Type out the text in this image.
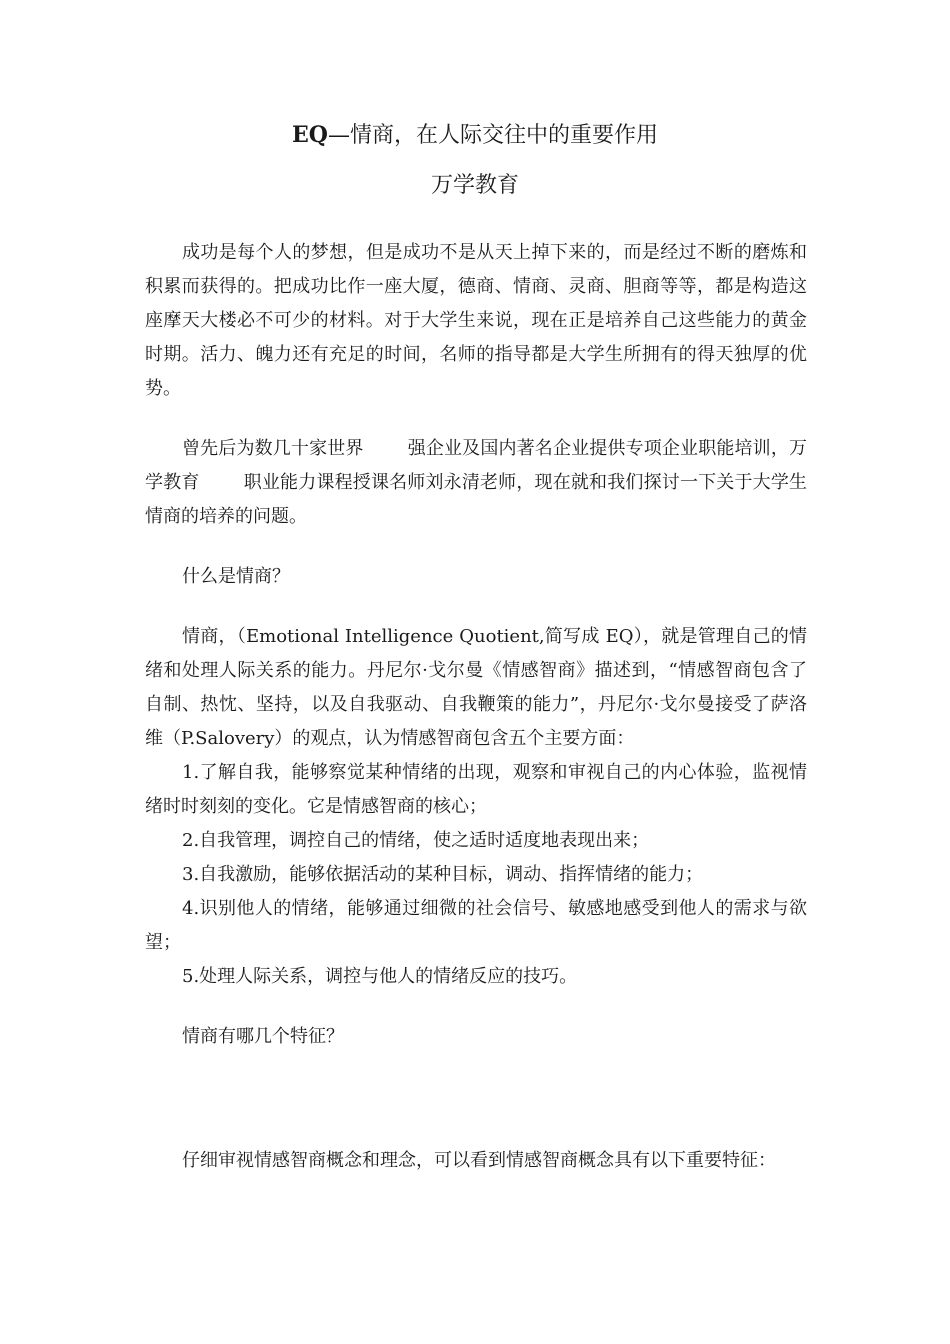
EQ—情商，在人际交往中的重要作用
万学教育

成功是每个人的梦想，但是成功不是从天上掉下来的，而是经过不断的磨炼和积累而获得的。把成功比作一座大厦，德商、情商、灵商、胆商等等，都是构造这座摩天大楼必不可少的材料。对于大学生来说，现在正是培养自己这些能力的黄金时期。活力、魄力还有充足的时间，名师的指导都是大学生所拥有的得天独厚的优势。

曾先后为数几十家世界 强企业及国内著名企业提供专项企业职能培训，万学教育 职业能力课程授课名师刘永清老师，现在就和我们探讨一下关于大学生情商的培养的问题。

什么是情商？

情商，（Emotional Intelligence Quotient,简写成 EQ），就是管理自己的情绪和处理人际关系的能力。丹尼尔·戈尔曼《情感智商》描述到，“情感智商包含了自制、热忱、坚持，以及自我驱动、自我鞭策的能力”，丹尼尔·戈尔曼接受了萨洛维（P.Salovery）的观点，认为情感智商包含五个主要方面：

1.了解自我，能够察觉某种情绪的出现，观察和审视自己的内心体验，监视情绪时时刻刻的变化。它是情感智商的核心；

2.自我管理，调控自己的情绪，使之适时适度地表现出来；

3.自我激励，能够依据活动的某种目标，调动、指挥情绪的能力；

4.识别他人的情绪，能够通过细微的社会信号、敏感地感受到他人的需求与欲望；

5.处理人际关系，调控与他人的情绪反应的技巧。

情商有哪几个特征？

仔细审视情感智商概念和理念，可以看到情感智商概念具有以下重要特征：
